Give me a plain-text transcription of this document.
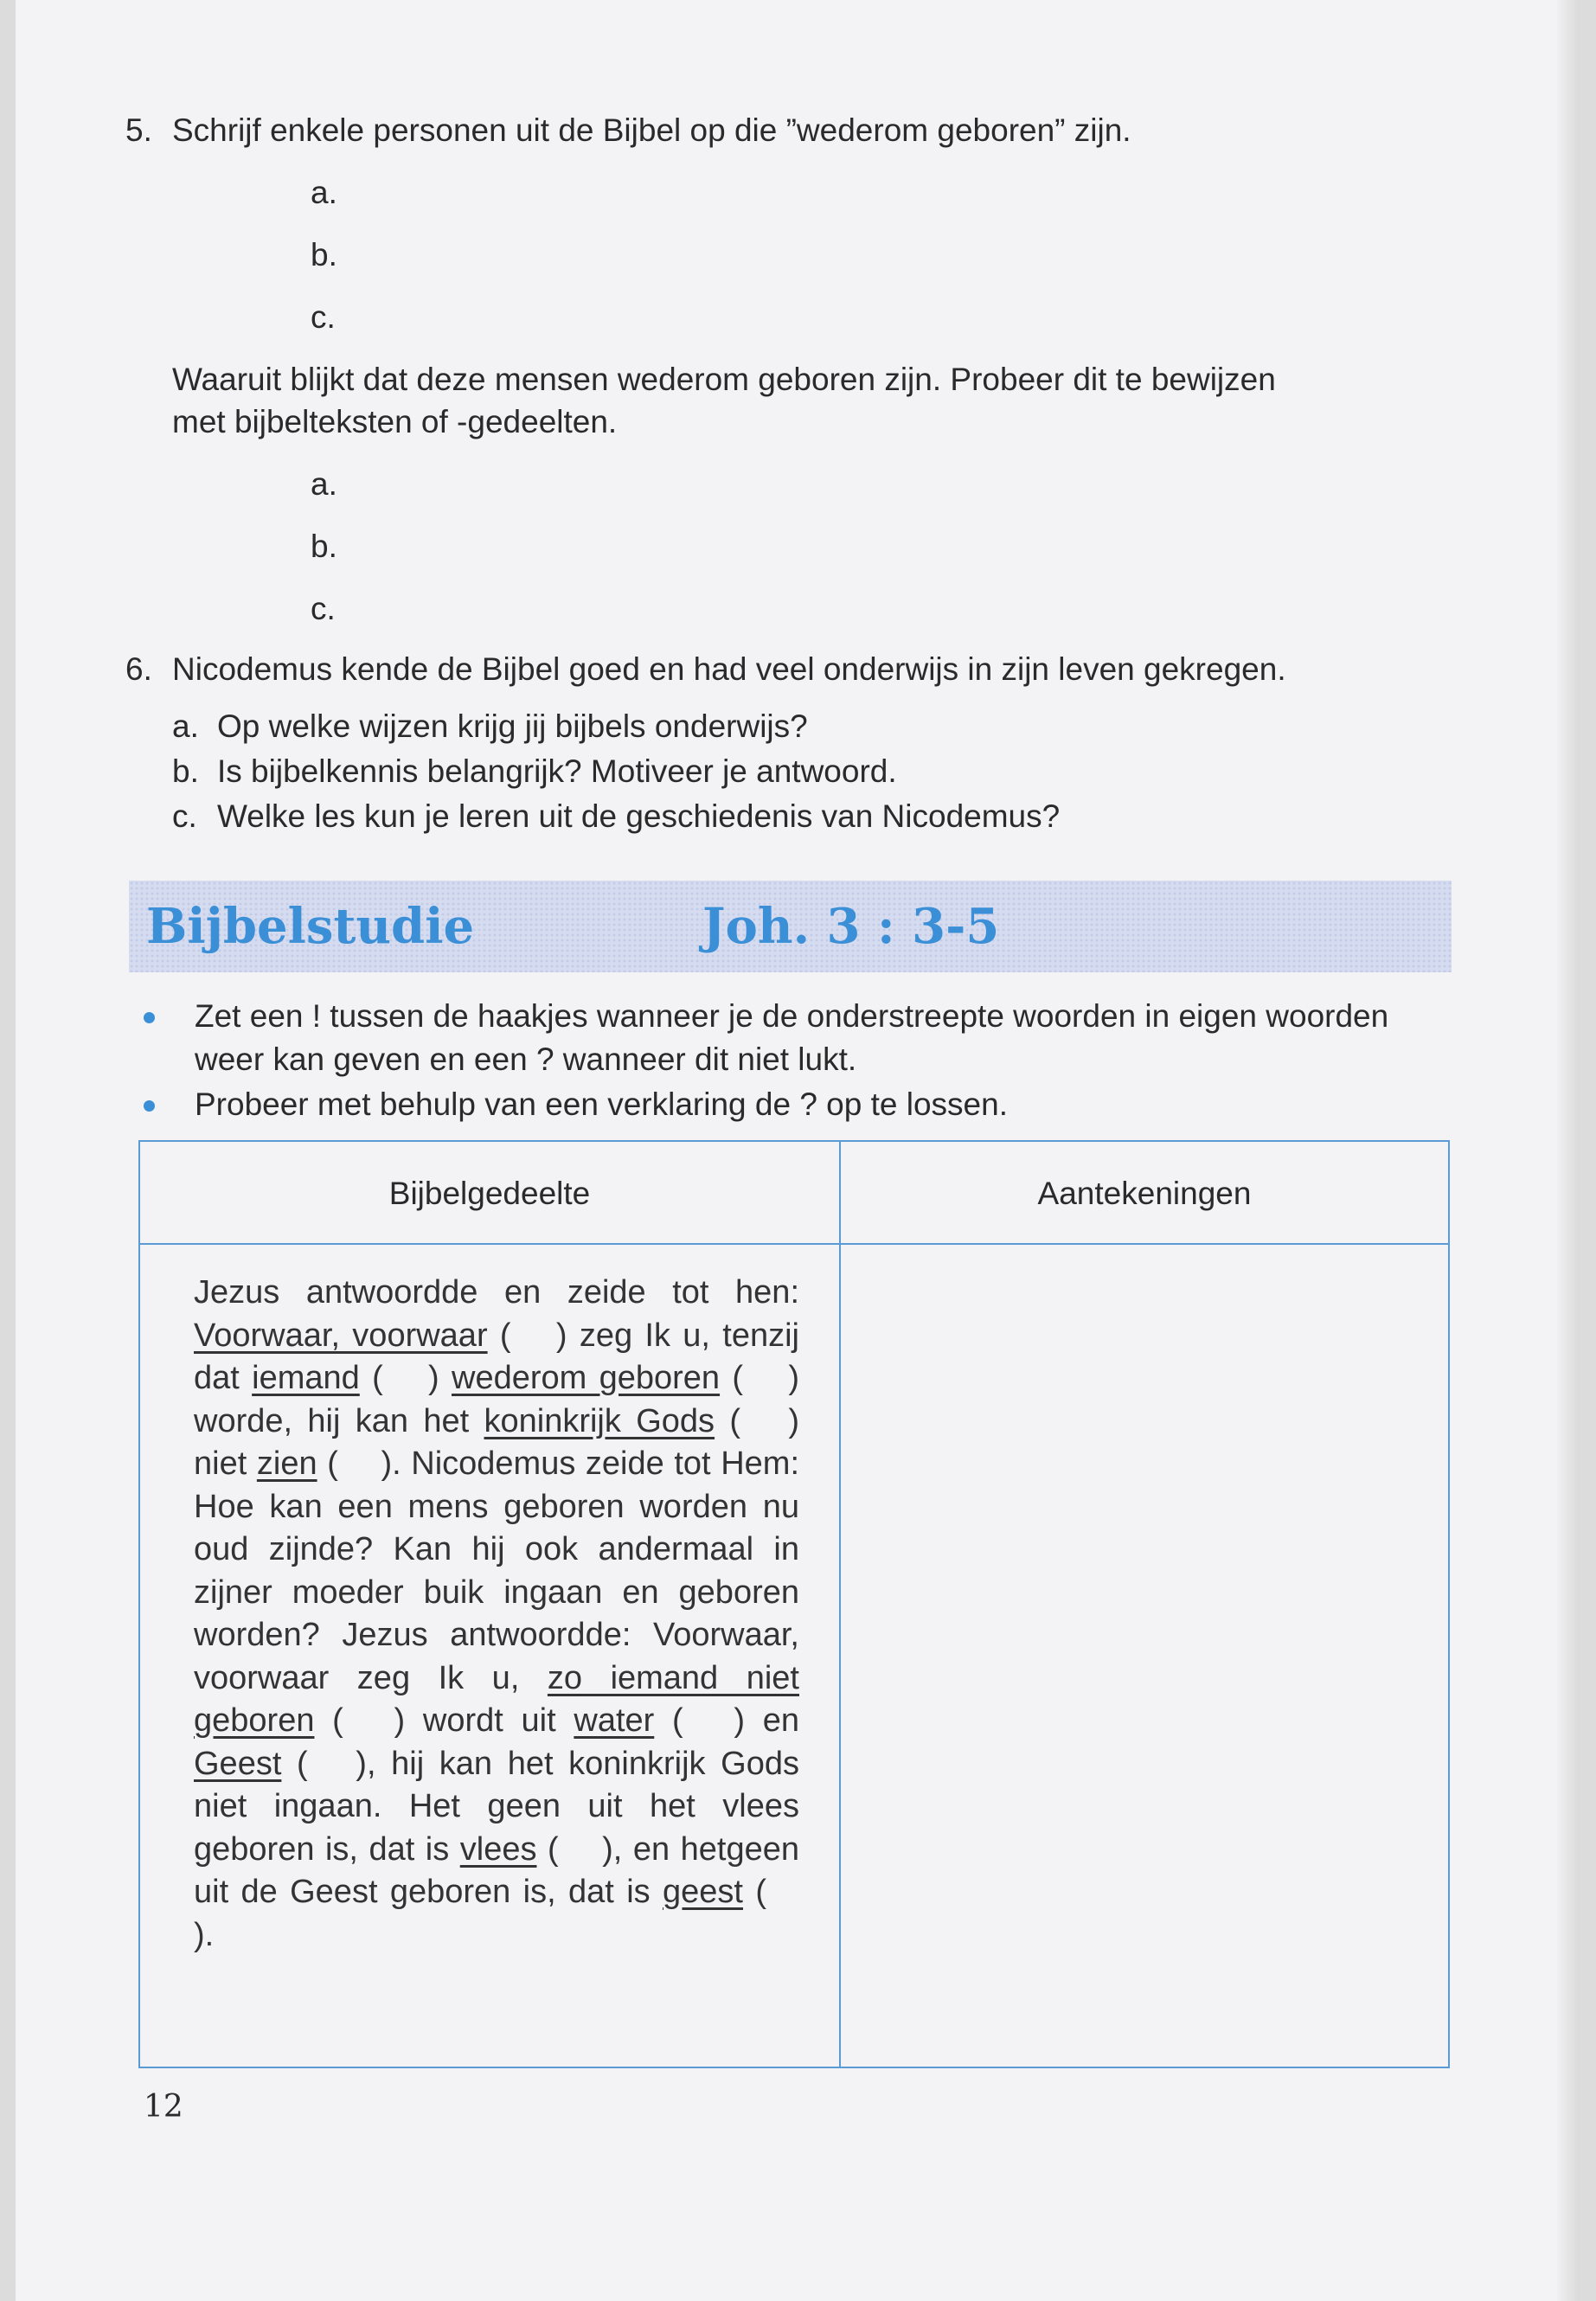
5. Schrijf enkele personen uit de Bijbel op die ”wederom geboren” zijn.
a.
b.
c.
Waaruit blijkt dat deze mensen wederom geboren zijn. Probeer dit te bewijzen
met bijbelteksten of -gedeelten.
a.
b.
c.
6. Nicodemus kende de Bijbel goed en had veel onderwijs in zijn leven gekregen.
a. Op welke wijzen krijg jij bijbels onderwijs?
b. Is bijbelkennis belangrijk? Motiveer je antwoord.
c. Welke les kun je leren uit de geschiedenis van Nicodemus?
Bijbelstudie	Joh. 3 : 3-5
Zet een ! tussen de haakjes wanneer je de onderstreepte woorden in eigen woorden weer kan geven en een ? wanneer dit niet lukt.
Probeer met behulp van een verklaring de ? op te lossen.
Bijbelgedeelte	Aantekeningen
Jezus antwoordde en zeide tot hen: Voorwaar, voorwaar (  ) zeg Ik u, tenzij dat iemand (  ) wederom geboren (  ) worde, hij kan het koninkrijk Gods (  ) niet zien (  ). Nicodemus zeide tot Hem: Hoe kan een mens geboren worden nu oud zijnde? Kan hij ook andermaal in zijner moeder buik ingaan en geboren worden? Jezus antwoordde: Voorwaar, voorwaar zeg Ik u, zo iemand niet geboren (  ) wordt uit water (  ) en Geest (  ), hij kan het koninkrijk Gods niet ingaan. Het geen uit het vlees geboren is, dat is vlees (  ), en hetgeen uit de Geest geboren is, dat is geest (  ).
12
